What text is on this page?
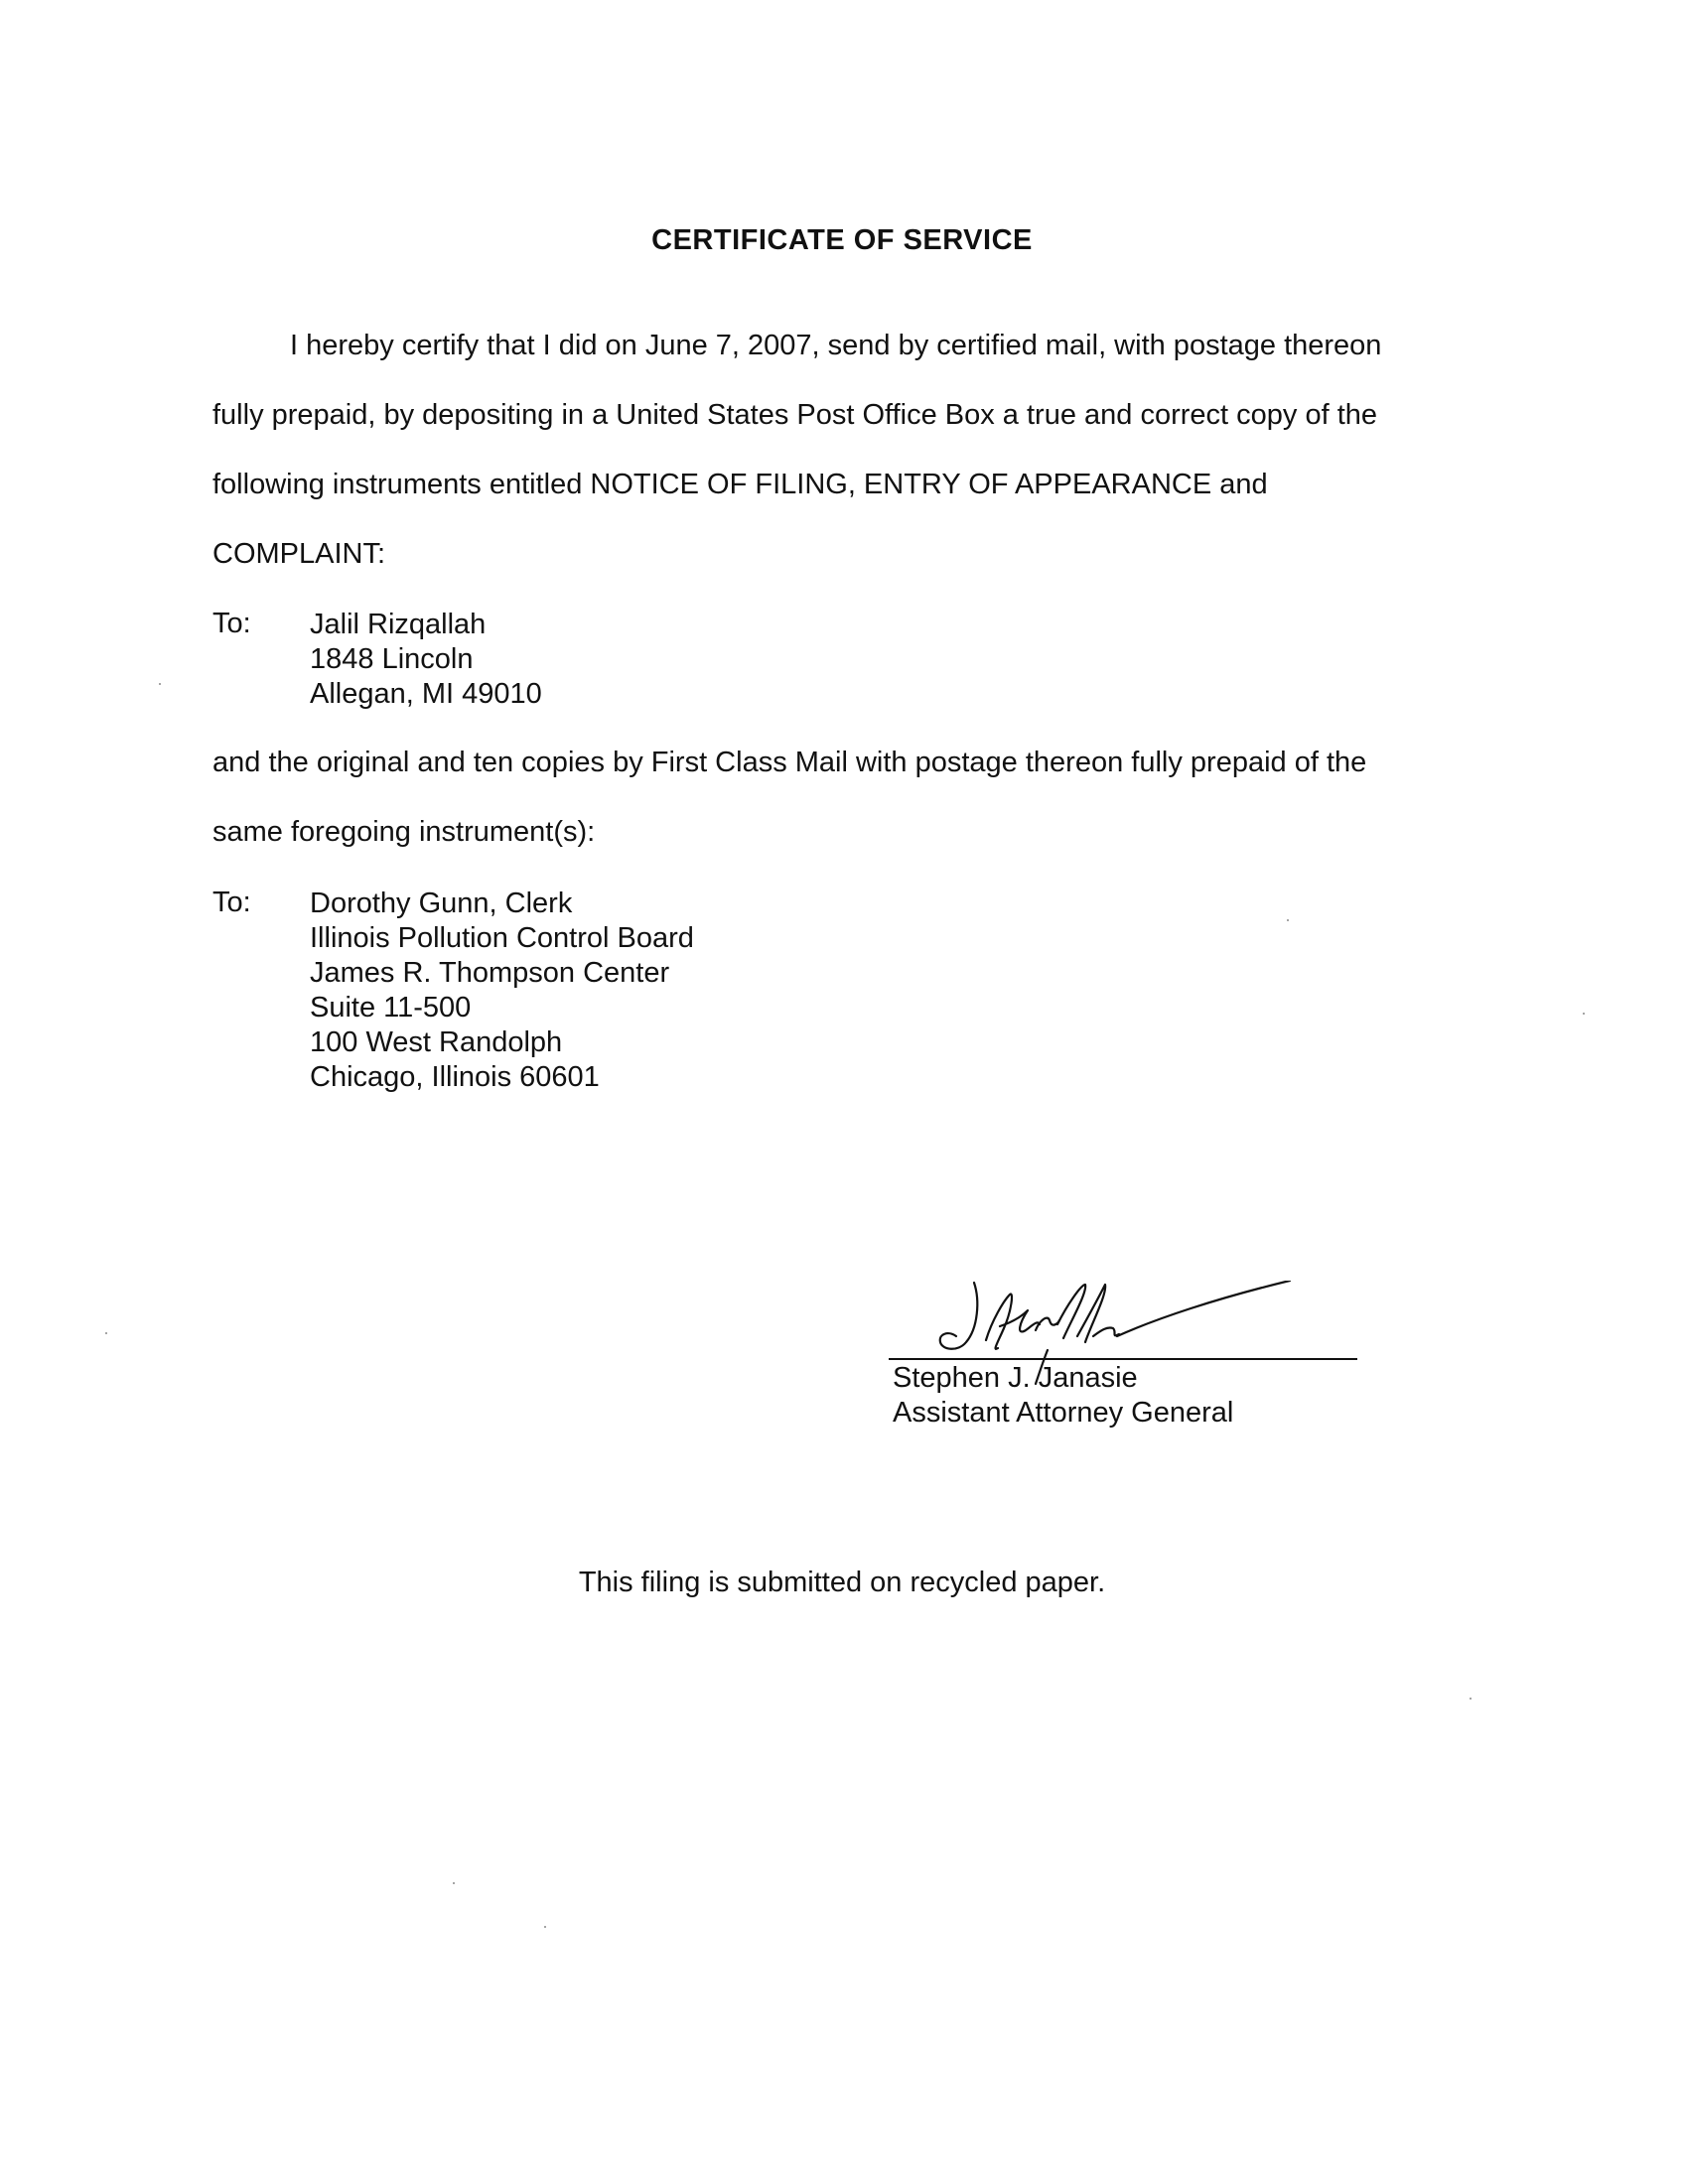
CERTIFICATE OF SERVICE
I hereby certify that I did on June 7, 2007, send by certified mail, with postage thereon
fully prepaid, by depositing in a United States Post Office Box a true and correct copy of the
following instruments entitled NOTICE OF FILING, ENTRY OF APPEARANCE and
COMPLAINT:
To: Jalil Rizqallah
1848 Lincoln
Allegan, MI 49010
and the original and ten copies by First Class Mail with postage thereon fully prepaid of the
same foregoing instrument(s):
To: Dorothy Gunn, Clerk
Illinois Pollution Control Board
James R. Thompson Center
Suite 11-500
100 West Randolph
Chicago, Illinois 60601
Stephen J. Janasie
Assistant Attorney General
This filing is submitted on recycled paper.
